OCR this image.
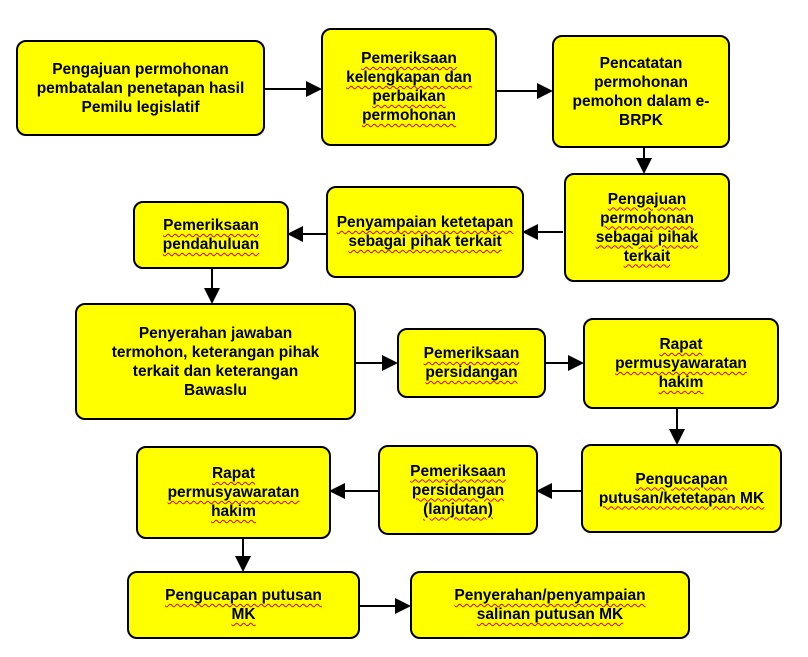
Pengajuan permohonan pembatalan penetapan hasil Pemilu legislatif
Pemeriksaan kelengkapan dan perbaikan permohonan
Pencatatan permohonan pemohon dalam e-BRPK
Pengajuan permohonan sebagai pihak terkait
Penyampaian ketetapan sebagai pihak terkait
Pemeriksaan pendahuluan
Penyerahan jawaban termohon, keterangan pihak terkait dan keterangan Bawaslu
Pemeriksaan persidangan
Rapat permusyawaratan hakim
Pengucapan putusan/ketetapan MK
Pemeriksaan persidangan (lanjutan)
Rapat permusyawaratan hakim
Pengucapan putusan MK
Penyerahan/penyampaian salinan putusan MK
